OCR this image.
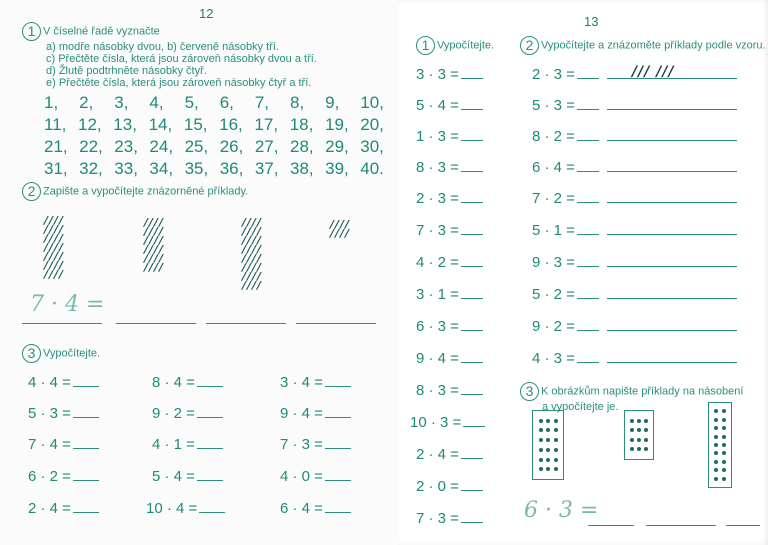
12
1 V číselné řadě vyznačte
a) modře násobky dvou, b) červeně násobky tří.
c) Přečtěte čísla, která jsou zároveň násobky dvou a tří.
d) Žlutě podtrhněte násobky čtyř.
e) Přečtěte čísla, která jsou zároveň násobky čtyř a tří.
1, 2, 3, 4, 5, 6, 7, 8, 9, 10,
11, 12, 13, 14, 15, 16, 17, 18, 19, 20,
21, 22, 23, 24, 25, 26, 27, 28, 29, 30,
31, 32, 33, 34, 35, 36, 37, 38, 39, 40.
2 Zapište a vypočítejte znázorněné příklady.
////
////
////
////
////
////
////
////
////
////
////
////
////
////
////
////
////
////
////
////
////
////
////
7 · 4 =
3 Vypočítejte.
4 · 4 =
5 · 3 =
7 · 4 =
6 · 2 =
2 · 4 =
8 · 4 =
9 · 2 =
4 · 1 =
5 · 4 =
10 · 4 =
3 · 4 =
9 · 4 =
7 · 3 =
4 · 0 =
6 · 4 =
13
1 Vypočítejte.	2 Vypočítejte a znázoměte příklady podle vzoru.
3 · 3 =
5 · 4 =
1 · 3 =
8 · 3 =
2 · 3 =
7 · 3 =
4 · 2 =
3 · 1 =
6 · 3 =
9 · 4 =
8 · 3 =
10 · 3 =
2 · 4 =
2 · 0 =
7 · 3 =
2 · 3 =	/// ///
5 · 3 =
8 · 2 =
6 · 4 =
7 · 2 =
5 · 1 =
9 · 3 =
5 · 2 =
9 · 2 =
4 · 3 =
3 K obrázkům napište příklady na násobení
a vypočítejte je.
6 · 3 =
